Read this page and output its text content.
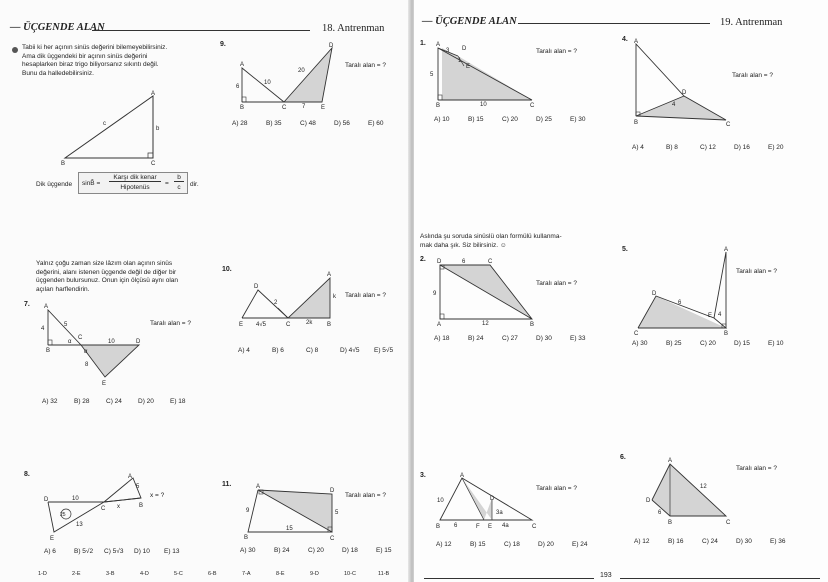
— ÜÇGENDE ALAN	18. Antrenman
Tabii ki her açının sinüs değerini bilemeyebilirsiniz.
Ama dik üçgendeki bir açının sinüs değerini
hesaplarken biraz trigo biliyorsanız sıkıntı değil.
Bunu da halledebilirsiniz.
A
B	C
c
b
Dik üçgende sinB̂ =
Karşı dik kenar
Hipotenüs
=
b
c	dir.
Yalnız çoğu zaman size lâzım olan açının sinüs
değerini, alanı istenen üçgende değil de diğer bir
üçgenden bulursunuz. Onun için ölçüsü aynı olan
açıları harflendirin.
7. A
B
C
D
E
4
5
10
8
α
α
Taralı alan = ?
A) 32	B) 28	C) 24	D) 20	E) 18
8.
25
D
A
C	B
E
10
13
x
5
x = ?
A) 6	B) 5√2	C) 5√3	D) 10	E) 13
9.
A
B	C
D
E
6
10
20
7
Taralı alan = ?
A) 28	B) 35	C) 48	D) 56	E) 60
10.
E
D
C	B
A
4√5
2
2k
k Taralı alan = ?
A) 4	B) 6	C) 8	D) 4√5	E) 5√5
11.	A
D
B	C
9
15
5
Taralı alan = ?
A) 30	B) 24	C) 20	D) 18	E) 15
1-D	2-E	3-B	4-D	5-C	6-B	7-A	8-E	9-D	10-C	11-B
— ÜÇGENDE ALAN	19. Antrenman
1. A
D
E
B	C
3
1
5
10
Taralı alan = ?
A) 10	B) 15	C) 20	D) 25	E) 30
Aslında şu soruda sinüslü olan formülü kullanma-
mak daha şık. Siz bilirsiniz. ☺
2. D	C
A	B
6
9
12
Taralı alan = ?
A) 18	B) 24	C) 27	D) 30	E) 33
3.	A
B	F E	C
D
10
6
3a
4a
Taralı alan = ?
A) 12	B) 15	C) 18	D) 20	E) 24
4. A
D
B	C
4
Taralı alan = ?
A) 4	B) 8	C) 12	D) 16	E) 20
5.	A
D
E
C	B
6
4
Taralı alan = ?
A) 30	B) 25	C) 20	D) 15	E) 10
6.	A
D
B	C
6
12
Taralı alan = ?
A) 12	B) 16	C) 24	D) 30	E) 36
193
